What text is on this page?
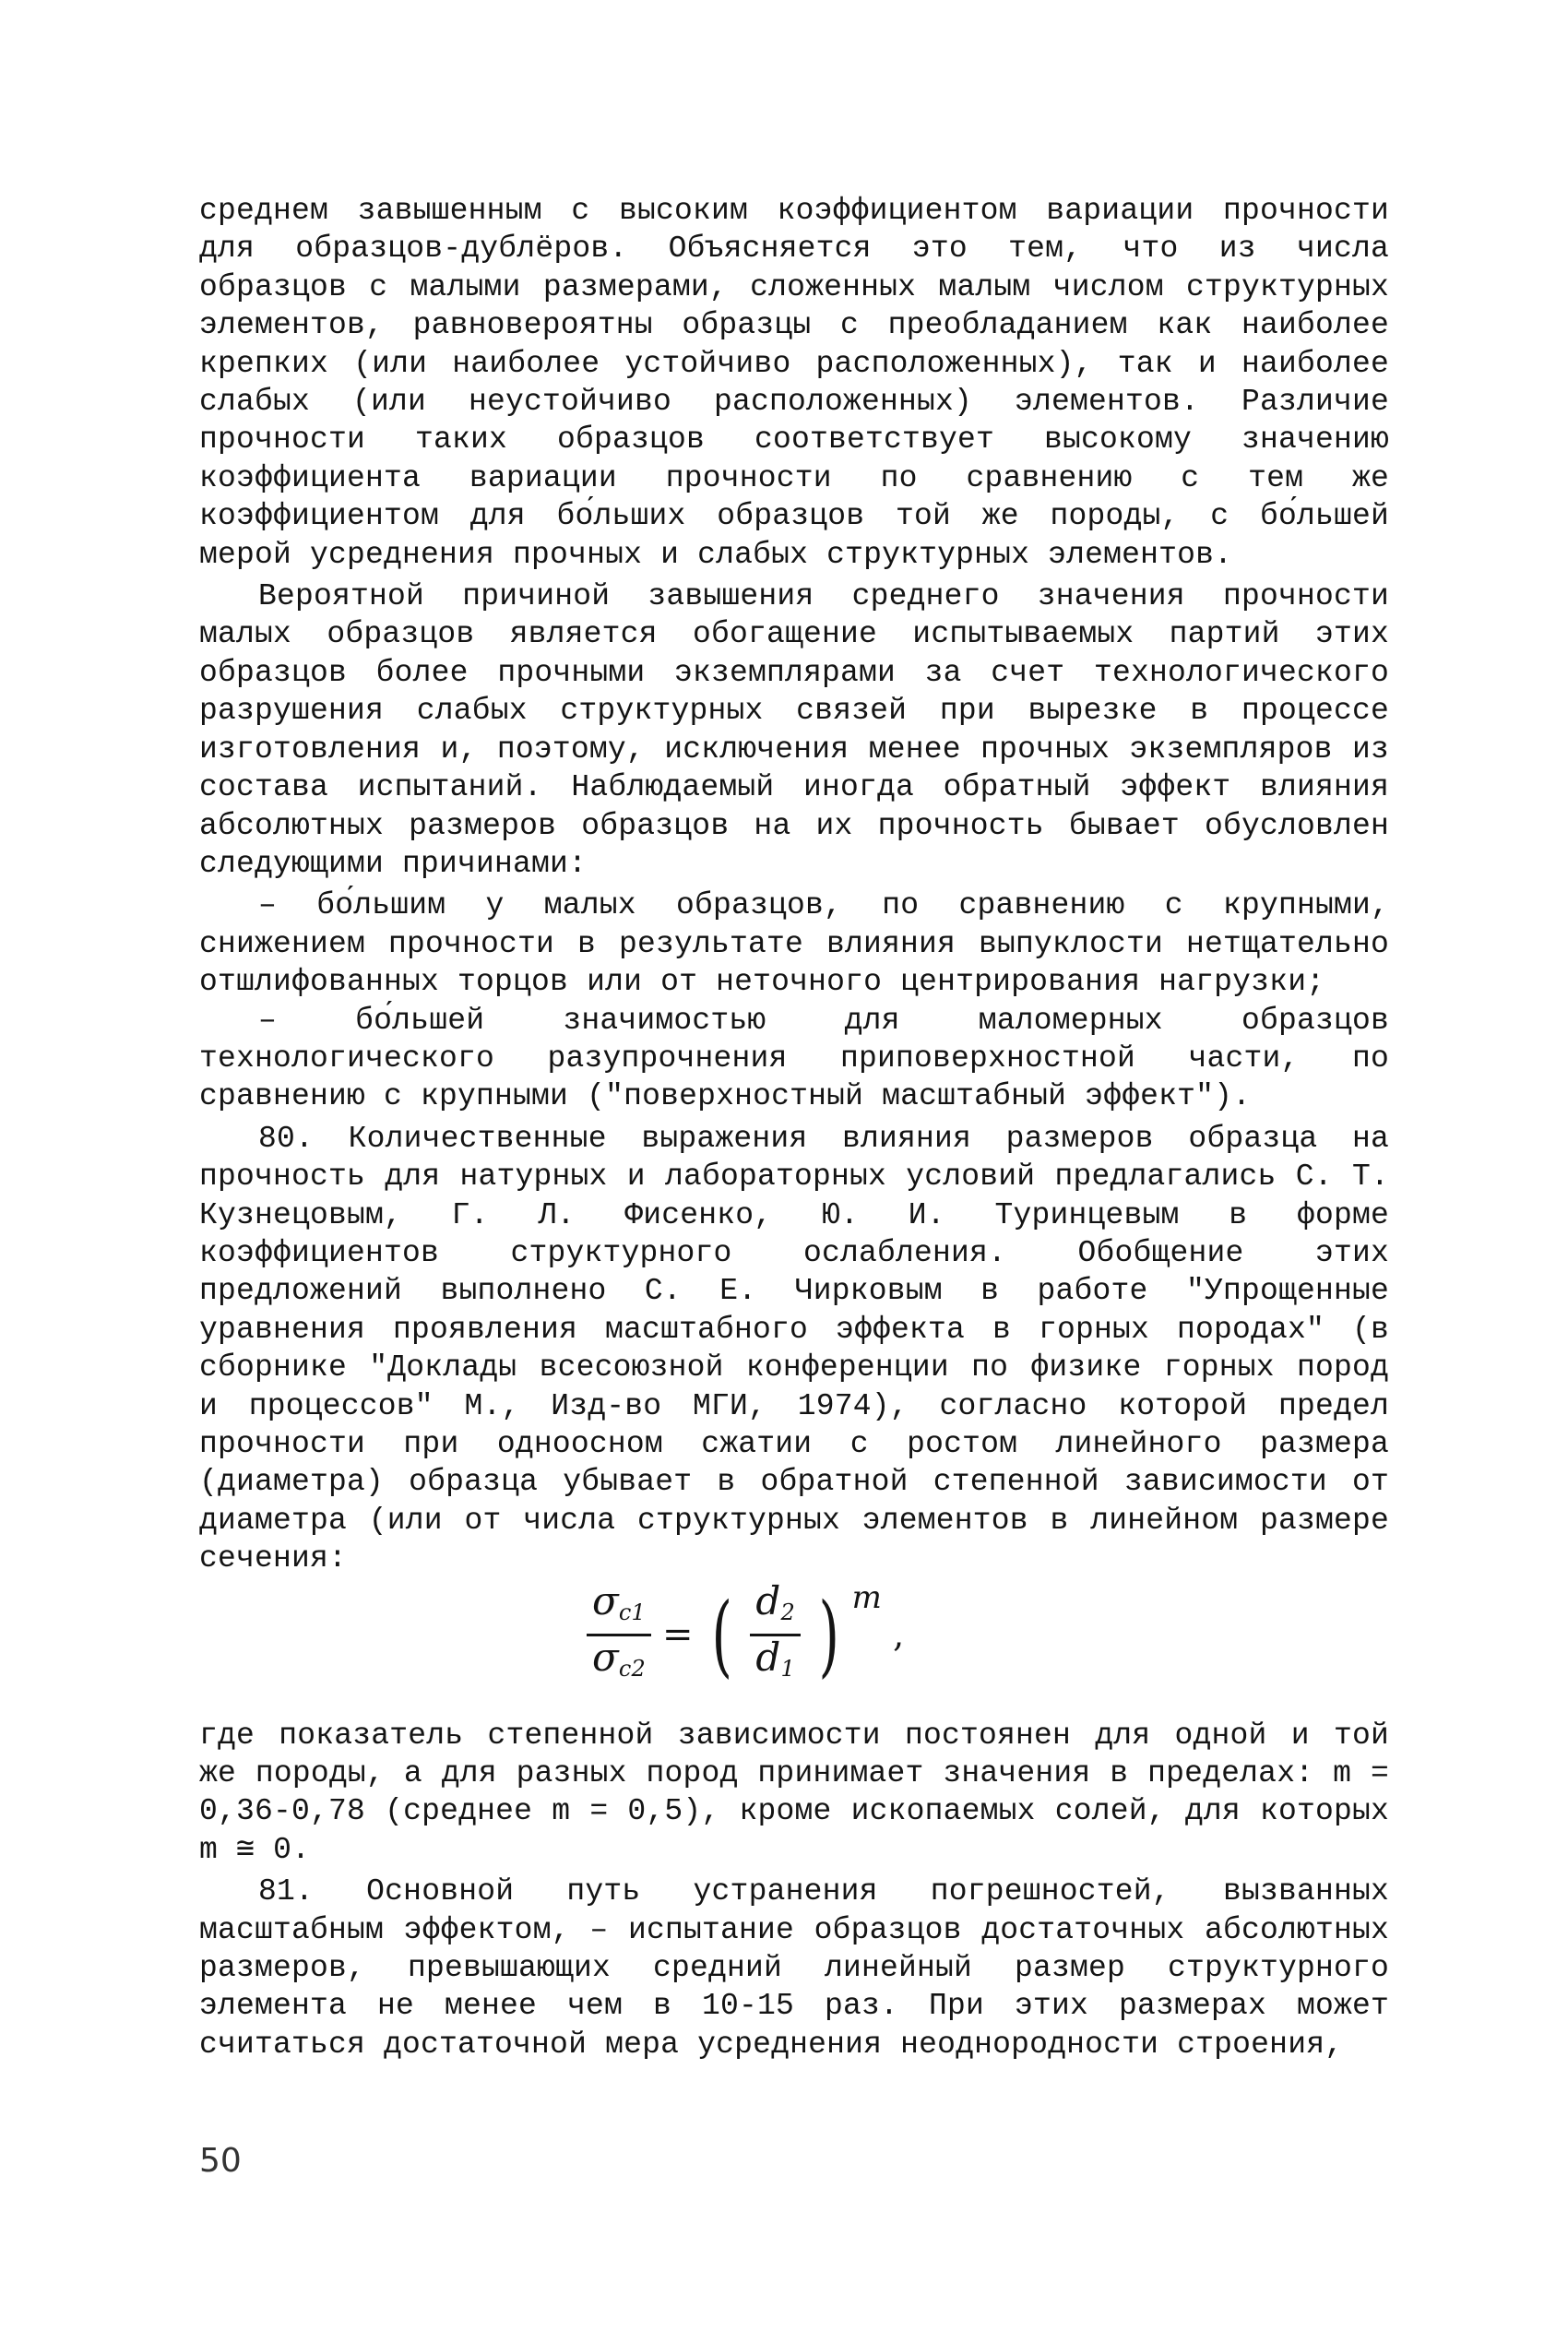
среднем завышенным с высоким коэффициентом вариации прочности для образцов-дублёров. Объясняется это тем, что из числа образцов с малыми размерами, сложенных малым числом структурных элементов, равновероятны образцы с преобладанием как наиболее крепких (или наиболее устойчиво расположенных), так и наиболее слабых (или неустойчиво расположенных) элементов. Различие прочности таких образцов соответствует высокому значению коэффициента вариации прочности по сравнению с тем же коэффициентом для бо́льших образцов той же породы, с бо́льшей мерой усреднения прочных и слабых структурных элементов.

Вероятной причиной завышения среднего значения прочности малых образцов является обогащение испытываемых партий этих образцов более прочными экземплярами за счет технологического разрушения слабых структурных связей при вырезке в процессе изготовления и, поэтому, исключения менее прочных экземпляров из состава испытаний. Наблюдаемый иногда обратный эффект влияния абсолютных размеров образцов на их прочность бывает обусловлен следующими причинами:

– бо́льшим у малых образцов, по сравнению с крупными, снижением прочности в результате влияния выпуклости нетщательно отшлифованных торцов или от неточного центрирования нагрузки;

– бо́льшей значимостью для маломерных образцов технологического разупрочнения приповерхностной части, по сравнению с крупными ("поверхностный масштабный эффект").

80. Количественные выражения влияния размеров образца на прочность для натурных и лабораторных условий предлагались С. Т. Кузнецовым, Г. Л. Фисенко, Ю. И. Туринцевым в форме коэффициентов структурного ослабления. Обобщение этих предложений выполнено С. Е. Чирковым в работе "Упрощенные уравнения проявления масштабного эффекта в горных породах" (в сборнике "Доклады всесоюзной конференции по физике горных пород и процессов" М., Изд-во МГИ, 1974), согласно которой предел прочности при одноосном сжатии с ростом линейного размера (диаметра) образца убывает в обратной степенной зависимости от диаметра (или от числа структурных элементов в линейном размере сечения:

$\frac{\sigma_{c1}}{\sigma_{c2}}$ = ( $\frac{d_2}{d_1}$ ) m
,

где показатель степенной зависимости постоянен для одной и той же породы, а для разных пород принимает значения в пределах: m = 0,36-0,78 (среднее m = 0,5), кроме ископаемых солей, для которых m ≅ 0.

81. Основной путь устранения погрешностей, вызванных масштабным эффектом, – испытание образцов достаточных абсолютных размеров, превышающих средний линейный размер структурного элемента не менее чем в 10-15 раз. При этих размерах может считаться достаточной мера усреднения неоднородности строения,

50
